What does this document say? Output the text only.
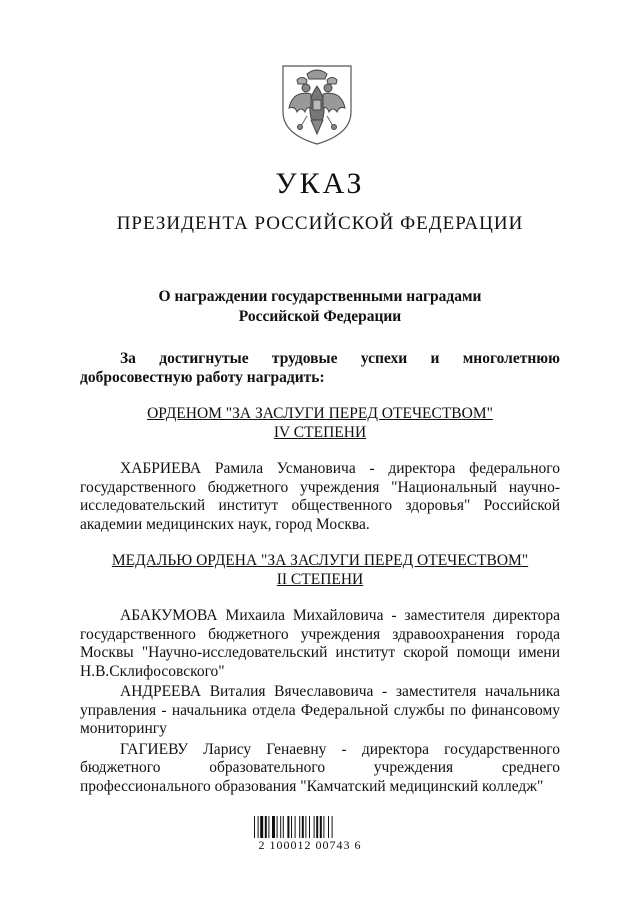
УКАЗ
ПРЕЗИДЕНТА РОССИЙСКОЙ ФЕДЕРАЦИИ
О награждении государственными наградами
Российской Федерации

За достигнутые трудовые успехи и многолетнюю
добросовестную работу наградить:

ОРДЕНОМ "ЗА ЗАСЛУГИ ПЕРЕД ОТЕЧЕСТВОМ"
IV СТЕПЕНИ

ХАБРИЕВА Рамила Усмановича - директора федерального государственного бюджетного учреждения "Национальный научно-исследовательский институт общественного здоровья" Российской академии медицинских наук, город Москва.

МЕДАЛЬЮ ОРДЕНА "ЗА ЗАСЛУГИ ПЕРЕД ОТЕЧЕСТВОМ"
II СТЕПЕНИ

АБАКУМОВА Михаила Михайловича - заместителя директора государственного бюджетного учреждения здравоохранения города Москвы "Научно-исследовательский институт скорой помощи имени Н.В.Склифосовского"

АНДРЕЕВА Виталия Вячеславовича - заместителя начальника управления - начальника отдела Федеральной службы по финансовому мониторингу

ГАГИЕВУ Ларису Генаевну - директора государственного бюджетного образовательного учреждения среднего профессионального образования "Камчатский медицинский колледж"

2 100012 00743 6
